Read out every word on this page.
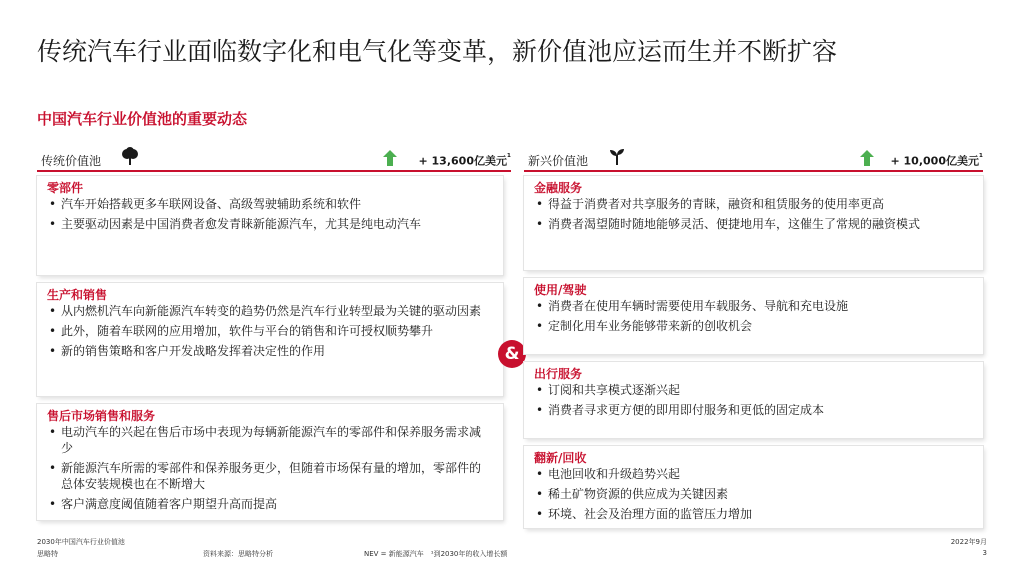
传统汽车行业面临数字化和电气化等变革，新价值池应运而生并不断扩容
中国汽车行业价值池的重要动态
传统价值池	+ 13,600亿美元$^{^1}$ 新兴价值池	+ 10,000亿美元$^{^1}$
零部件
• 汽车开始搭载更多车联网设备、高级驾驶辅助系统和软件
• 主要驱动因素是中国消费者愈发青睐新能源汽车，尤其是纯电动汽车
生产和销售
• 从内燃机汽车向新能源汽车转变的趋势仍然是汽车行业转型最为关键的驱动因素
• 此外，随着车联网的应用增加，软件与平台的销售和许可授权顺势攀升
• 新的销售策略和客户开发战略发挥着决定性的作用
售后市场销售和服务
• 电动汽车的兴起在售后市场中表现为每辆新能源汽车的零部件和保养服务需求减少
• 新能源汽车所需的零部件和保养服务更少，但随着市场保有量的增加，零部件的总体安装规模也在不断增大
• 客户满意度阈值随着客户期望升高而提高
&
金融服务
• 得益于消费者对共享服务的青睐，融资和租赁服务的使用率更高
• 消费者渴望随时随地能够灵活、便捷地用车，这催生了常规的融资模式
使用/驾驶
• 消费者在使用车辆时需要使用车载服务、导航和充电设施
• 定制化用车业务能够带来新的创收机会
出行服务
• 订阅和共享模式逐渐兴起
• 消费者寻求更方便的即用即付服务和更低的固定成本
翻新/回收
• 电池回收和升级趋势兴起
• 稀土矿物资源的供应成为关键因素
• 环境、社会及治理方面的监管压力增加
2030年中国汽车行业价值池
思略特	资料来源：思略特分析	NEV = 新能源汽车　¹到2030年的收入增长额
2022年9月
3
